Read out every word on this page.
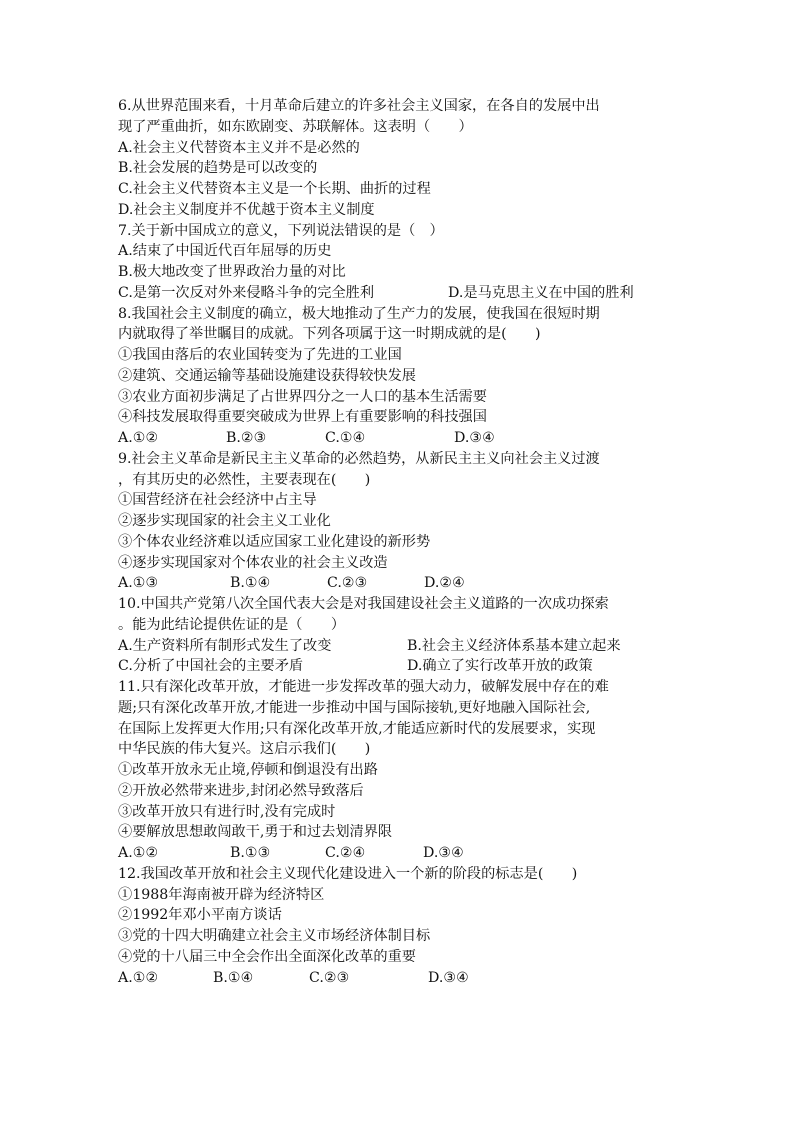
6.从世界范围来看，十月革命后建立的许多社会主义国家，在各自的发展中出
现了严重曲折，如东欧剧变、苏联解体。这表明（　　）
A.社会主义代替资本主义并不是必然的
B.社会发展的趋势是可以改变的
C.社会主义代替资本主义是一个长期、曲折的过程
D.社会主义制度并不优越于资本主义制度
7.关于新中国成立的意义，下列说法错误的是（　）
A.结束了中国近代百年屈辱的历史
B.极大地改变了世界政治力量的对比
C.是第一次反对外来侵略斗争的完全胜利	D.是马克思主义在中国的胜利
8.我国社会主义制度的确立，极大地推动了生产力的发展，使我国在很短时期
内就取得了举世瞩目的成就。下列各项属于这一时期成就的是(　　)
①我国由落后的农业国转变为了先进的工业国
②建筑、交通运输等基础设施建设获得较快发展
③农业方面初步满足了占世界四分之一人口的基本生活需要
④科技发展取得重要突破成为世界上有重要影响的科技强国
A.①②	B.②③	C.①④	D.③④
9.社会主义革命是新民主主义革命的必然趋势，从新民主主义向社会主义过渡
，有其历史的必然性，主要表现在(　　)
①国营经济在社会经济中占主导
②逐步实现国家的社会主义工业化
③个体农业经济难以适应国家工业化建设的新形势
④逐步实现国家对个体农业的社会主义改造
A.①③	B.①④	C.②③	D.②④
10.中国共产党第八次全国代表大会是对我国建设社会主义道路的一次成功探索
。能为此结论提供佐证的是（　　）
A.生产资料所有制形式发生了改变	B.社会主义经济体系基本建立起来
C.分析了中国社会的主要矛盾	D.确立了实行改革开放的政策
11.只有深化改革开放，才能进一步发挥改革的强大动力，破解发展中存在的难
题;只有深化改革开放,才能进一步推动中国与国际接轨,更好地融入国际社会,
在国际上发挥更大作用;只有深化改革开放,才能适应新时代的发展要求，实现
中华民族的伟大复兴。这启示我们(　　)
①改革开放永无止境,停顿和倒退没有出路
②开放必然带来进步,封闭必然导致落后
③改革开放只有进行时,没有完成时
④要解放思想敢闯敢干,勇于和过去划清界限
A.①②	B.①③	C.②④	D.③④
12.我国改革开放和社会主义现代化建设进入一个新的阶段的标志是(　　)
①1988年海南被开辟为经济特区
②1992年邓小平南方谈话
③党的十四大明确建立社会主义市场经济体制目标
④党的十八届三中全会作出全面深化改革的重要
A.①②	B.①④	C.②③	D.③④
